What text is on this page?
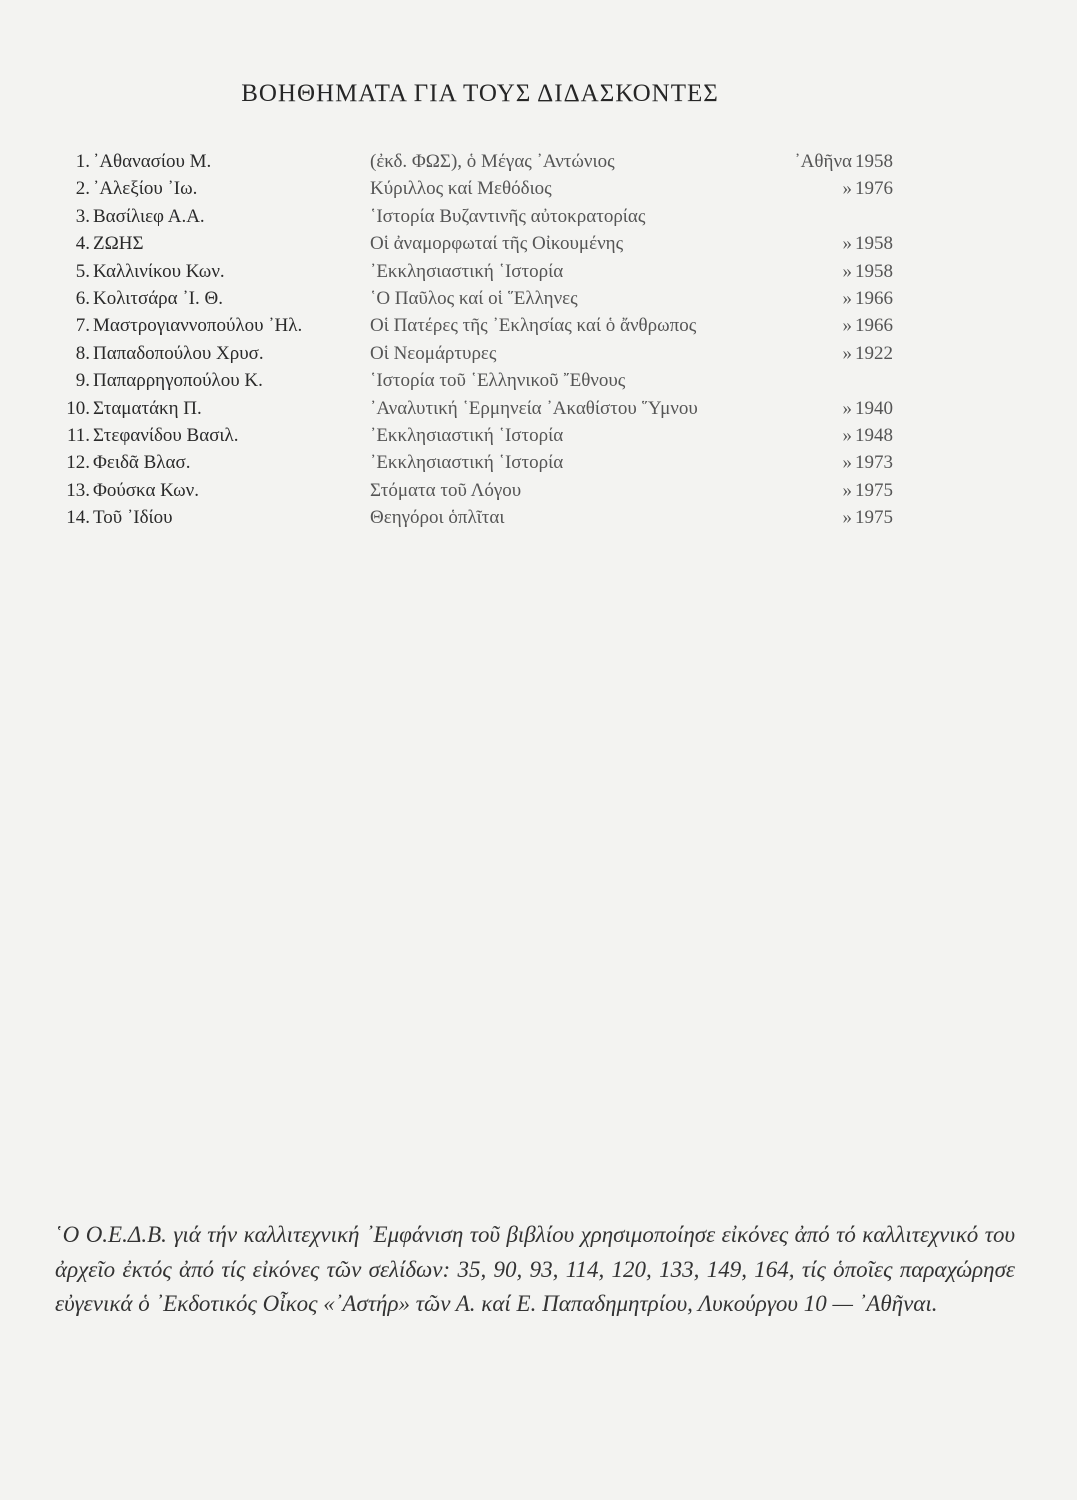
ΒΟΗΘΗΜΑΤΑ ΓΙΑ ΤΟΥΣ ΔΙΔΑΣΚΟΝΤΕΣ
1. ᾿Αθανασίου Μ.	(ἐκδ. ΦΩΣ), ὁ Μέγας ᾿Αντώνιος	᾿Αθῆνα 1958
2. ᾿Αλεξίου ᾿Ιω.	Κύριλλος καί Μεθόδιος	» 1976
3. Βασίλιεφ Α.Α.	῾Ιστορία Βυζαντινῆς αὐτοκρατορίας
4. ΖΩΗΣ	Οἱ ἀναμορφωταί τῆς Οἰκουμένης	» 1958
5. Καλλινίκου Κων.	᾿Εκκλησιαστική ῾Ιστορία	» 1958
6. Κολιτσάρα ᾿Ι. Θ.	῾Ο Παῦλος καί οἱ ῞Ελληνες	» 1966
7. Μαστρογιαννοπούλου ᾿Ηλ.	Οἱ Πατέρες τῆς ᾿Εκλησίας καί ὁ ἄνθρωπος	» 1966
8. Παπαδοπούλου Χρυσ.	Οἱ Νεομάρτυρες	» 1922
9. Παπαρρηγοπούλου Κ.	῾Ιστορία τοῦ ῾Ελληνικοῦ ῎Εθνους
10. Σταματάκη Π.	᾿Αναλυτική ῾Ερμηνεία ᾿Ακαθίστου ῞Υμνου	» 1940
11. Στεφανίδου Βασιλ.	᾿Εκκλησιαστική ῾Ιστορία	» 1948
12. Φειδᾶ Βλασ.	᾿Εκκλησιαστική ῾Ιστορία	» 1973
13. Φούσκα Κων.	Στόματα τοῦ Λόγου	» 1975
14. Τοῦ ᾿Ιδίου	Θεηγόροι ὁπλῖται	» 1975

῾Ο Ο.Ε.Δ.Β. γιά τήν καλλιτεχνική ᾿Εμφάνιση τοῦ βιβλίου χρησιμοποίησε εἰκόνες ἀπό τό καλλιτεχνικό του ἀρχεῖο ἐκτός ἀπό τίς εἰκόνες τῶν σελίδων: 35, 90, 93, 114, 120, 133, 149, 164, τίς ὁποῖες παραχώρησε εὐγενικά ὁ ᾿Εκδοτικός Οἶκος «᾿Αστήρ» τῶν Α. καί Ε. Παπαδημητρίου, Λυκούργου 10 — ᾿Αθῆναι.
